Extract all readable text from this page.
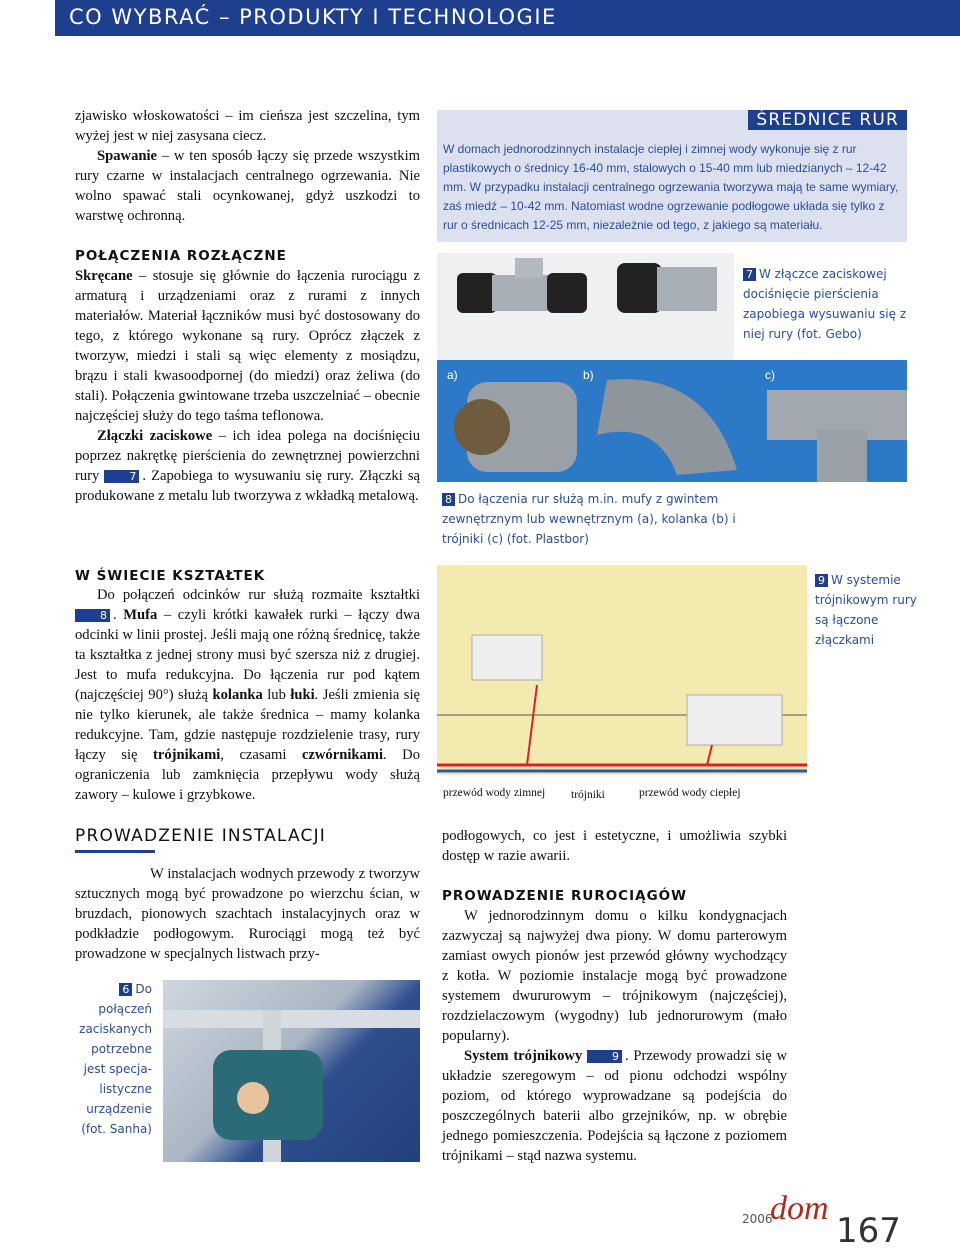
CO WYBRAĆ – PRODUKTY I TECHNOLOGIE

zjawisko włoskowatości – im cieńsza jest szczelina, tym wyżej jest w niej zasysana ciecz.

Spawanie – w ten sposób łączy się przede wszystkim rury czarne w instalacjach centralnego ogrzewania. Nie wolno spawać stali ocynkowanej, gdyż uszkodzi to warstwę ochronną.

POŁĄCZENIA ROZŁĄCZNE

Skręcane – stosuje się głównie do łączenia rurociągu z armaturą i urządzeniami oraz z rurami z innych materiałów. Materiał łączników musi być dostosowany do tego, z którego wykonane są rury. Oprócz złączek z tworzyw, miedzi i stali są więc elementy z mosiądzu, brązu i stali kwasoodpornej (do miedzi) oraz żeliwa (do stali). Połączenia gwintowane trzeba uszczelniać – obecnie najczęściej służy do tego taśma teflonowa.

Złączki zaciskowe – ich idea polega na dociśnięciu poprzez nakrętkę pierścienia do zewnętrznej powierzchni rury 7 . Zapobiega to wysuwaniu się rury. Złączki są produkowane z metalu lub tworzywa z wkładką metalową.

W ŚWIECIE KSZTAŁTEK

Do połączeń odcinków rur służą rozmaite kształtki 8 . Mufa – czyli krótki kawałek rurki – łączy dwa odcinki w linii prostej. Jeśli mają one różną średnicę, także ta kształtka z jednej strony musi być szersza niż z drugiej. Jest to mufa redukcyjna. Do łączenia rur pod kątem (najczęściej 90°) służą kolanka lub łuki. Jeśli zmienia się nie tylko kierunek, ale także średnica – mamy kolanka redukcyjne. Tam, gdzie następuje rozdzielenie trasy, rury łączy się trójnikami, czasami czwórnikami. Do ograniczenia lub zamknięcia przepływu wody służą zawory – kulowe i grzybkowe.

PROWADZENIE INSTALACJI

W instalacjach wodnych przewody z tworzyw sztucznych mogą być prowadzone po wierzchu ścian, w bruzdach, pionowych szachtach instalacyjnych oraz w podkładzie podłogowym. Rurociągi mogą też być prowadzone w specjalnych listwach przy-

6 Do
połączeń
zaciskanych
potrzebne
jest specja-
listyczne
urządzenie
(fot. Sanha)
ŚREDNICE RUR
W domach jednorodzinnych instalacje ciepłej i zimnej wody wykonuje się z rur plastikowych o średnicy 16-40 mm, stalowych o 15-40 mm lub miedzianych – 12-42 mm. W przypadku instalacji centralnego ogrzewania tworzywa mają te same wymiary, zaś miedź – 10-42 mm. Natomiast wodne ogrzewanie podłogowe układa się tylko z rur o średnicach 12-25 mm, niezależnie od tego, z jakiego są materiału.
7 W złączce zaciskowej dociśnięcie pierścienia zapobiega wysuwaniu się z niej rury (fot. Gebo)
a)	b)	c)
8 Do łączenia rur służą m.in. mufy z gwintem zewnętrznym lub wewnętrznym (a), kolanka (b) i trójniki (c) (fot. Plastbor)
przewód wody zimnej trójniki	przewód wody ciepłej
9 W systemie trójnikowym rury są łączone złączkami

podłogowych, co jest i estetyczne, i umożliwia szybki dostęp w razie awarii.

PROWADZENIE RUROCIĄGÓW

W jednorodzinnym domu o kilku kondygnacjach zazwyczaj są najwyżej dwa piony. W domu parterowym zamiast owych pionów jest przewód główny wychodzący z kotła. W poziomie instalacje mogą być prowadzone systemem dwururowym – trójnikowym (najczęściej), rozdzielaczowym (wygodny) lub jednorurowym (mało popularny).

System trójnikowy	9 . Przewody prowadzi się w układzie szeregowym – od pionu odchodzi wspólny poziom, od którego wyprowadzane są podejścia do poszczególnych baterii albo grzejników, np. w obrębie jednego pomieszczenia. Podejścia są łączone z poziomem trójnikami – stąd nazwa systemu.

2006
dom
167
